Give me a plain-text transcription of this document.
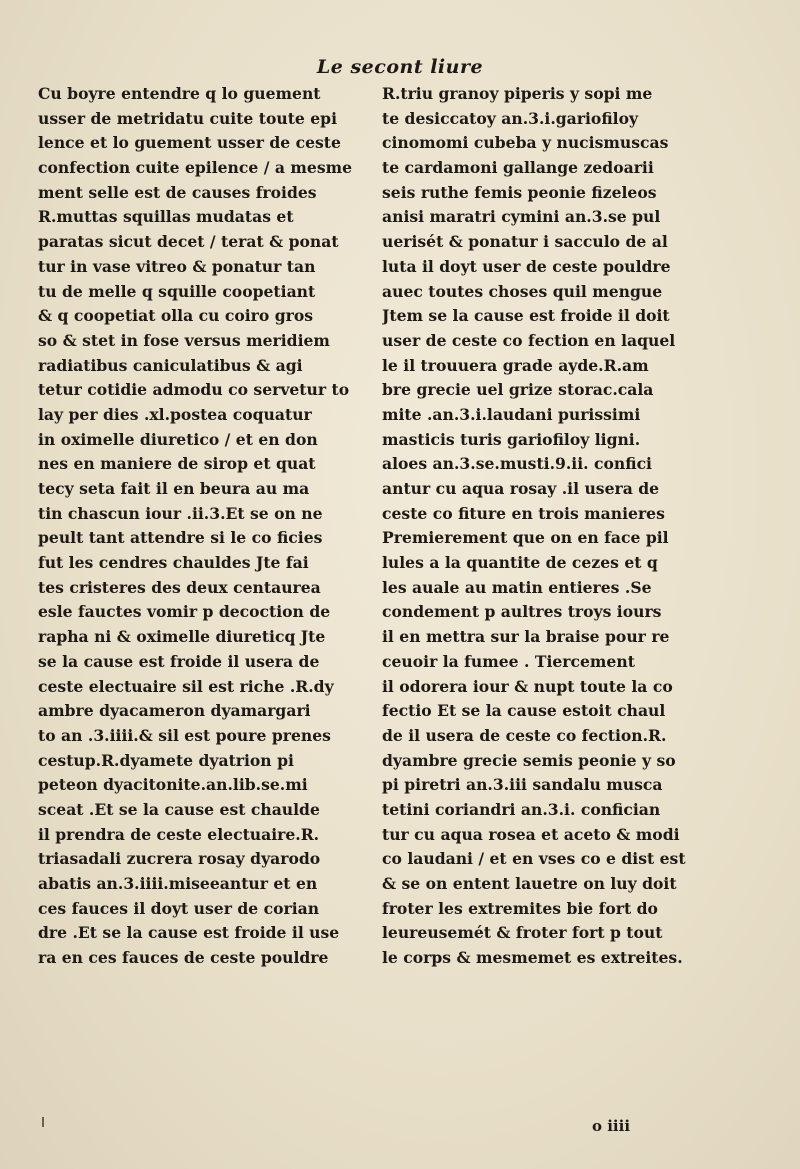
Le secont liure
Cu boyre entendre q lo guement
usser de metridatu cuite toute epi
lence et lo guement usser de ceste
confection cuite epilence / a mesme
ment selle est de causes froides
R.muttas squillas mudatas et
paratas sicut decet / terat & ponat
tur in vase vitreo & ponatur tan
tu de melle q squille coopetiant
& q coopetiat olla cu coiro gros
so & stet in fose versus meridiem
radiatibus caniculatibus & agi
tetur cotidie admodu co servetur to
lay per dies .xl.postea coquatur
in oximelle diuretico / et en don
nes en maniere de sirop et quat
tecy seta fait il en beura au ma
tin chascun iour .ii.3.Et se on ne
peult tant attendre si le co ficies
fut les cendres chauldes Jte fai
tes cristeres des deux centaurea
esle fauctes vomir p decoction de
rapha ni & oximelle diureticq Jte
se la cause est froide il usera de
ceste electuaire sil est riche .R.dy
ambre dyacameron dyamargari
to an .3.iiii.& sil est poure prenes
cestup.R.dyamete dyatrion pi
peteon dyacitonite.an.lib.se.mi
sceat .Et se la cause est chaulde
il prendra de ceste electuaire.R.
triasadali zucrera rosay dyarodo
abatis an.3.iiii.miseeantur et en
ces fauces il doyt user de corian
dre .Et se la cause est froide il use
ra en ces fauces de ceste pouldre
R.triu granoy piperis y sopi me
te desiccatoy an.3.i.gariofiloy
cinomomi cubeba y nucismuscas
te cardamoni gallange zedoarii
seis ruthe femis peonie fizeleos
anisi maratri cymini an.3.se pul
uerisét & ponatur i sacculo de al
luta il doyt user de ceste pouldre
auec toutes choses quil mengue
Jtem se la cause est froide il doit
user de ceste co fection en laquel
le il trouuera grade ayde.R.am
bre grecie uel grize storac.cala
mite .an.3.i.laudani purissimi
masticis turis gariofiloy ligni.
aloes an.3.se.musti.9.ii. confici
antur cu aqua rosay .il usera de
ceste co fiture en trois manieres
Premierement que on en face pil
lules a la quantite de cezes et q
les auale au matin entieres .Se
condement p aultres troys iours
il en mettra sur la braise pour re
ceuoir la fumee . Tiercement
il odorera iour & nupt toute la co
fectio Et se la cause estoit chaul
de il usera de ceste co fection.R.
dyambre grecie semis peonie y so
pi piretri an.3.iii sandalu musca
tetini coriandri an.3.i. confician
tur cu aqua rosea et aceto & modi
co laudani / et en vses co e dist est
& se on entent lauetre on luy doit
froter les extremites bie fort do
leureusemét & froter fort p tout
le corps & mesmemet es extreites.
o iiii
